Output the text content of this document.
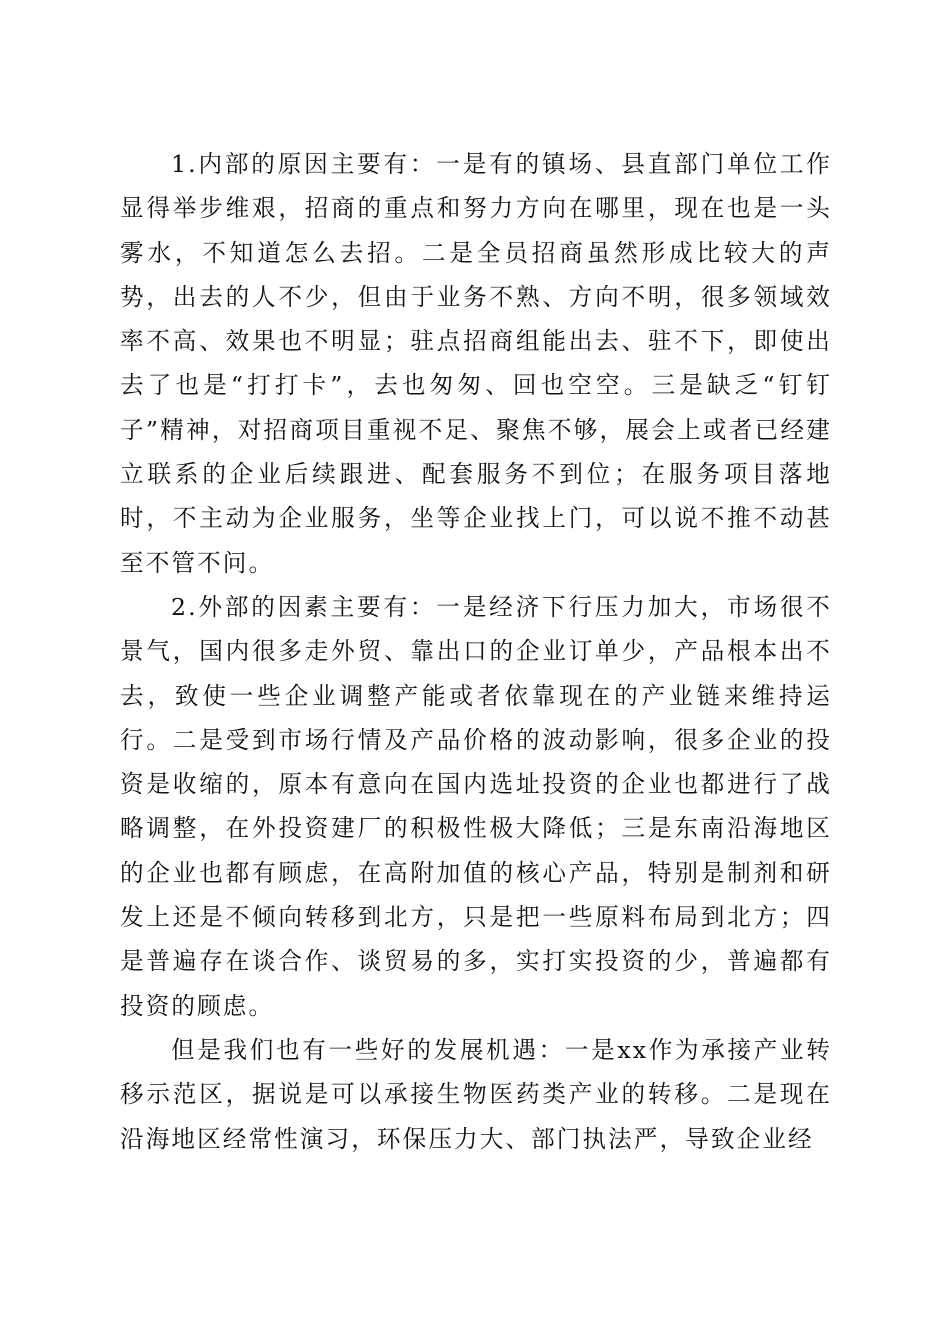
1.内部的原因主要有：一是有的镇场、县直部门单位工作显得举步维艰，招商的重点和努力方向在哪里，现在也是一头雾水，不知道怎么去招。二是全员招商虽然形成比较大的声势，出去的人不少，但由于业务不熟、方向不明，很多领域效率不高、效果也不明显；驻点招商组能出去、驻不下，即使出去了也是“打打卡”，去也匆匆、回也空空。三是缺乏“钉钉子”精神，对招商项目重视不足、聚焦不够，展会上或者已经建立联系的企业后续跟进、配套服务不到位；在服务项目落地时，不主动为企业服务，坐等企业找上门，可以说不推不动甚至不管不问。

2.外部的因素主要有：一是经济下行压力加大，市场很不景气，国内很多走外贸、靠出口的企业订单少，产品根本出不去，致使一些企业调整产能或者依靠现在的产业链来维持运行。二是受到市场行情及产品价格的波动影响，很多企业的投资是收缩的，原本有意向在国内选址投资的企业也都进行了战略调整，在外投资建厂的积极性极大降低；三是东南沿海地区的企业也都有顾虑，在高附加值的核心产品，特别是制剂和研发上还是不倾向转移到北方，只是把一些原料布局到北方；四是普遍存在谈合作、谈贸易的多，实打实投资的少，普遍都有投资的顾虑。

但是我们也有一些好的发展机遇：一是xx作为承接产业转移示范区，据说是可以承接生物医药类产业的转移。二是现在沿海地区经常性演习，环保压力大、部门执法严，导致企业经
